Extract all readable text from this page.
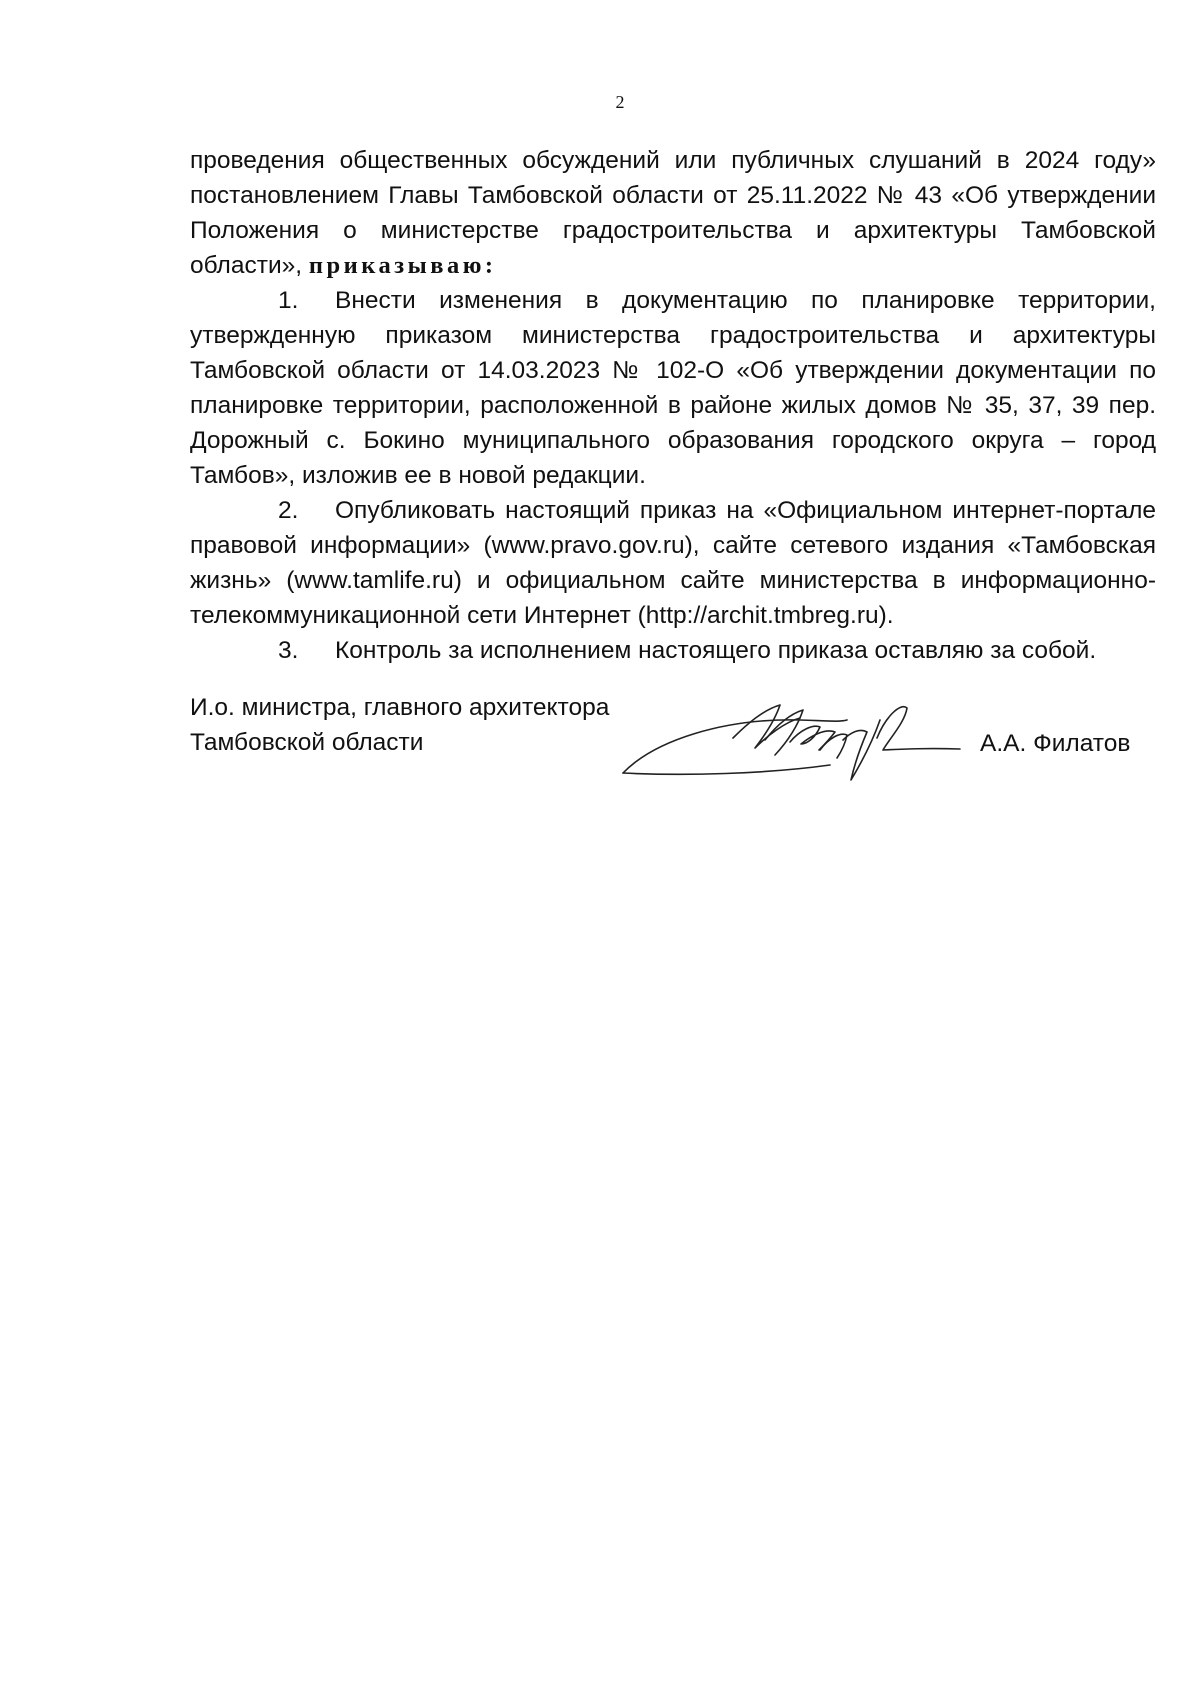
2

проведения общественных обсуждений или публичных слушаний в 2024 году» постановлением Главы Тамбовской области от 25.11.2022 № 43 «Об утверждении Положения о министерстве градостроительства и архитектуры Тамбовской области», приказываю:

1. Внести изменения в документацию по планировке территории, утвержденную приказом министерства градостроительства и архитектуры Тамбовской области от 14.03.2023 № 102-О «Об утверждении документации по планировке территории, расположенной в районе жилых домов № 35, 37, 39 пер. Дорожный с. Бокино муниципального образования городского округа – город Тамбов», изложив ее в новой редакции.

2. Опубликовать настоящий приказ на «Официальном интернет-портале правовой информации» (www.pravo.gov.ru), сайте сетевого издания «Тамбовская жизнь» (www.tamlife.ru) и официальном сайте министерства в информационно-телекоммуникационной сети Интернет (http://archit.tmbreg.ru).

3. Контроль за исполнением настоящего приказа оставляю за собой.

И.о. министра, главного архитектора
Тамбовской области	А.А. Филатов
